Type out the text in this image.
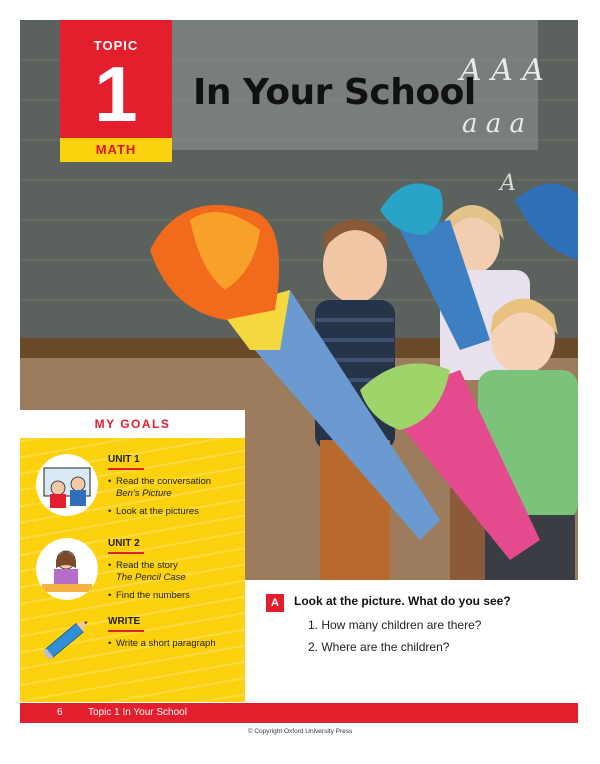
A A A
a a a
A
TOPIC
1
MATH
In Your School
MY GOALS
UNIT 1
• Read the conversation
Ben's Picture
• Look at the pictures
UNIT 2
• Read the story
The Pencil Case
• Find the numbers
WRITE
• Write a short paragraph
A	Look at the picture. What do you see?
1. How many children are there?
2. Where are the children?
6	Topic 1 In Your School
© Copyright Oxford University Press
